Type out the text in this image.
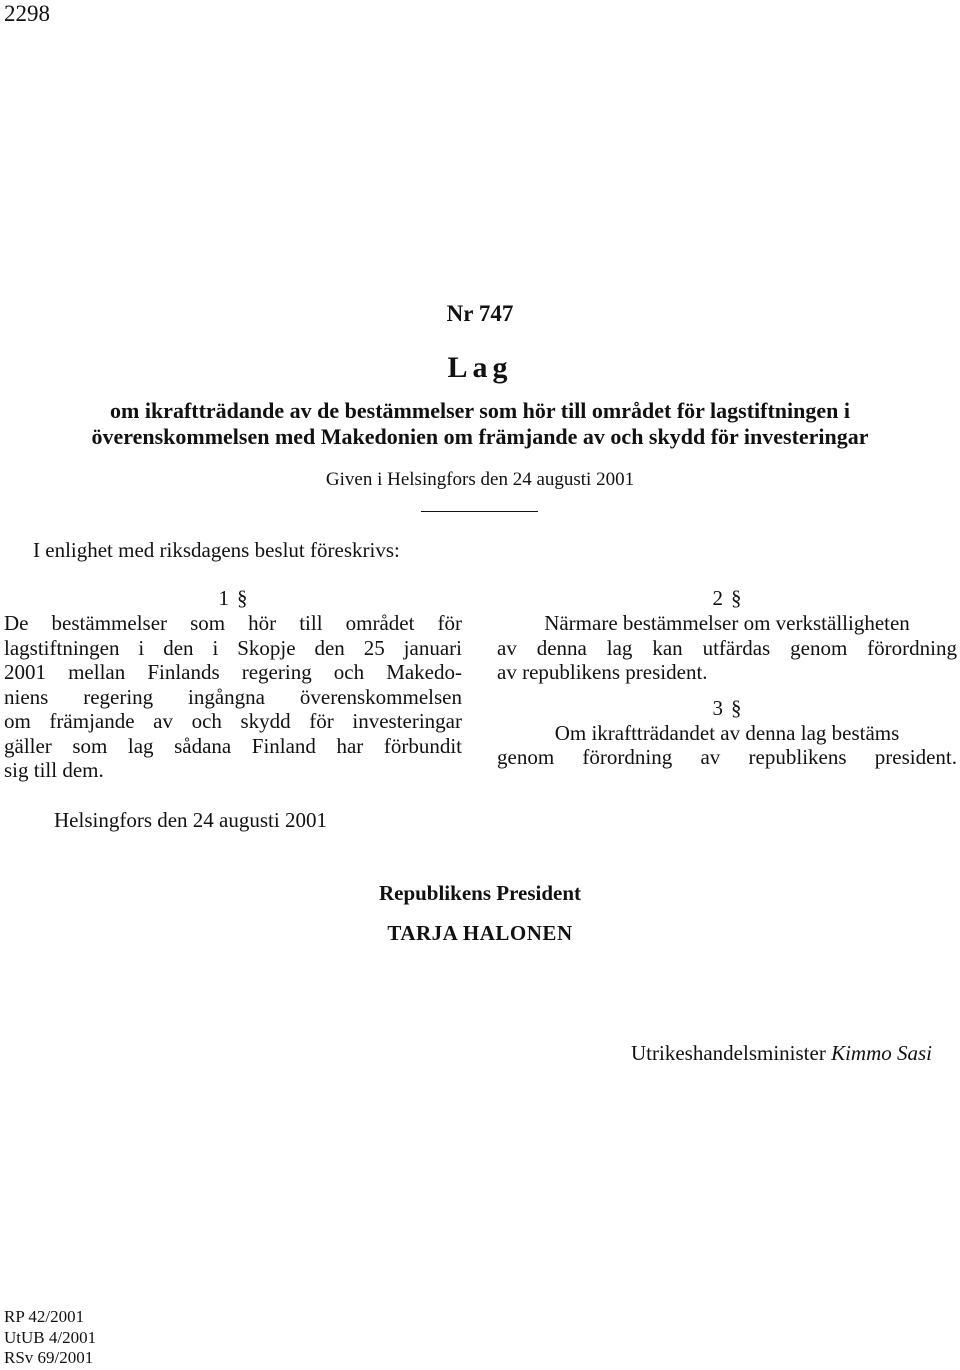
2298
Nr 747
Lag
om ikraftträdande av de bestämmelser som hör till området för lagstiftningen i
överenskommelsen med Makedonien om främjande av och skydd för investeringar
Given i Helsingfors den 24 augusti 2001
I enlighet med riksdagens beslut föreskrivs:
1 §
De bestämmelser som hör till området för
lagstiftningen i den i Skopje den 25 januari
2001 mellan Finlands regering och Makedo-
niens regering ingångna överenskommelsen
om främjande av och skydd för investeringar
gäller som lag sådana Finland har förbundit
sig till dem.
2 §
Närmare bestämmelser om verkställigheten
av denna lag kan utfärdas genom förordning
av republikens president.
3 §
Om ikraftträdandet av denna lag bestäms
genom förordning av republikens president.
Helsingfors den 24 augusti 2001
Republikens President
TARJA HALONEN
Utrikeshandelsminister Kimmo Sasi
RP 42/2001
UtUB 4/2001
RSv 69/2001
